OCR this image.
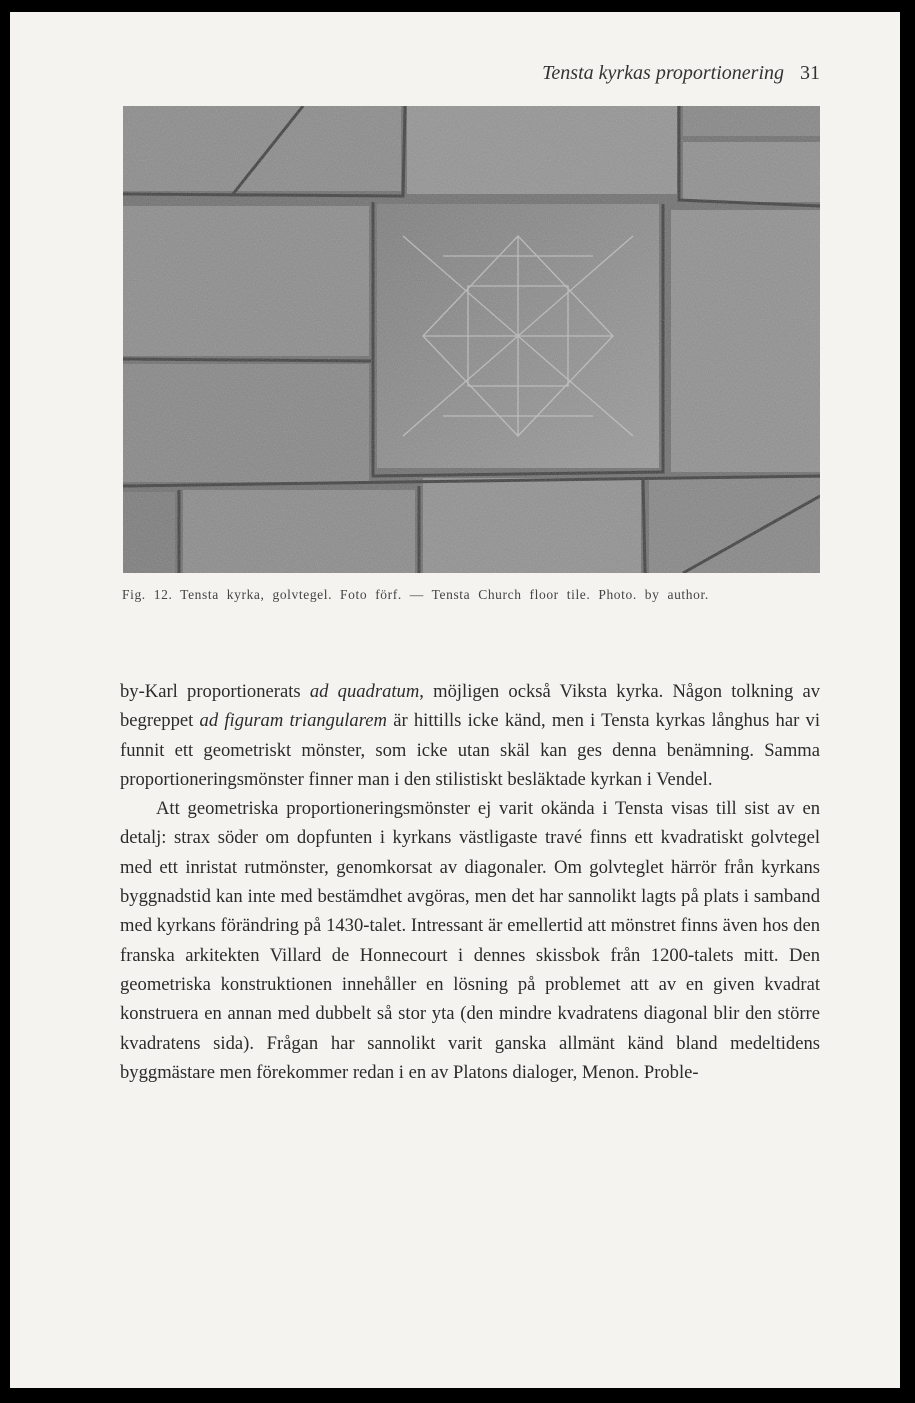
Tensta kyrkas proportionering 31
Fig. 12. Tensta kyrka, golvtegel. Foto förf. — Tensta Church floor tile. Photo. by author.

by-Karl proportionerats ad quadratum, möjligen också Viksta kyrka. Någon tolkning av begreppet ad figuram triangularem är hittills icke känd, men i Tensta kyrkas långhus har vi funnit ett geometriskt mönster, som icke utan skäl kan ges denna benämning. Samma proportioneringsmönster finner man i den stilistiskt besläktade kyrkan i Vendel.

Att geometriska proportioneringsmönster ej varit okända i Tensta visas till sist av en detalj: strax söder om dopfunten i kyrkans västligaste travé finns ett kvadratiskt golvtegel med ett inristat rutmönster, genomkorsat av diagonaler. Om golvteglet härrör från kyrkans byggnadstid kan inte med bestämdhet avgöras, men det har sannolikt lagts på plats i samband med kyrkans förändring på 1430-talet. Intressant är emellertid att mönstret finns även hos den franska arkitekten Villard de Honnecourt i dennes skissbok från 1200-talets mitt. Den geometriska konstruktionen innehåller en lösning på problemet att av en given kvadrat konstruera en annan med dubbelt så stor yta (den mindre kvadratens diagonal blir den större kvadratens sida). Frågan har sannolikt varit ganska allmänt känd bland medeltidens byggmästare men förekommer redan i en av Platons dialoger, Menon. Proble-
